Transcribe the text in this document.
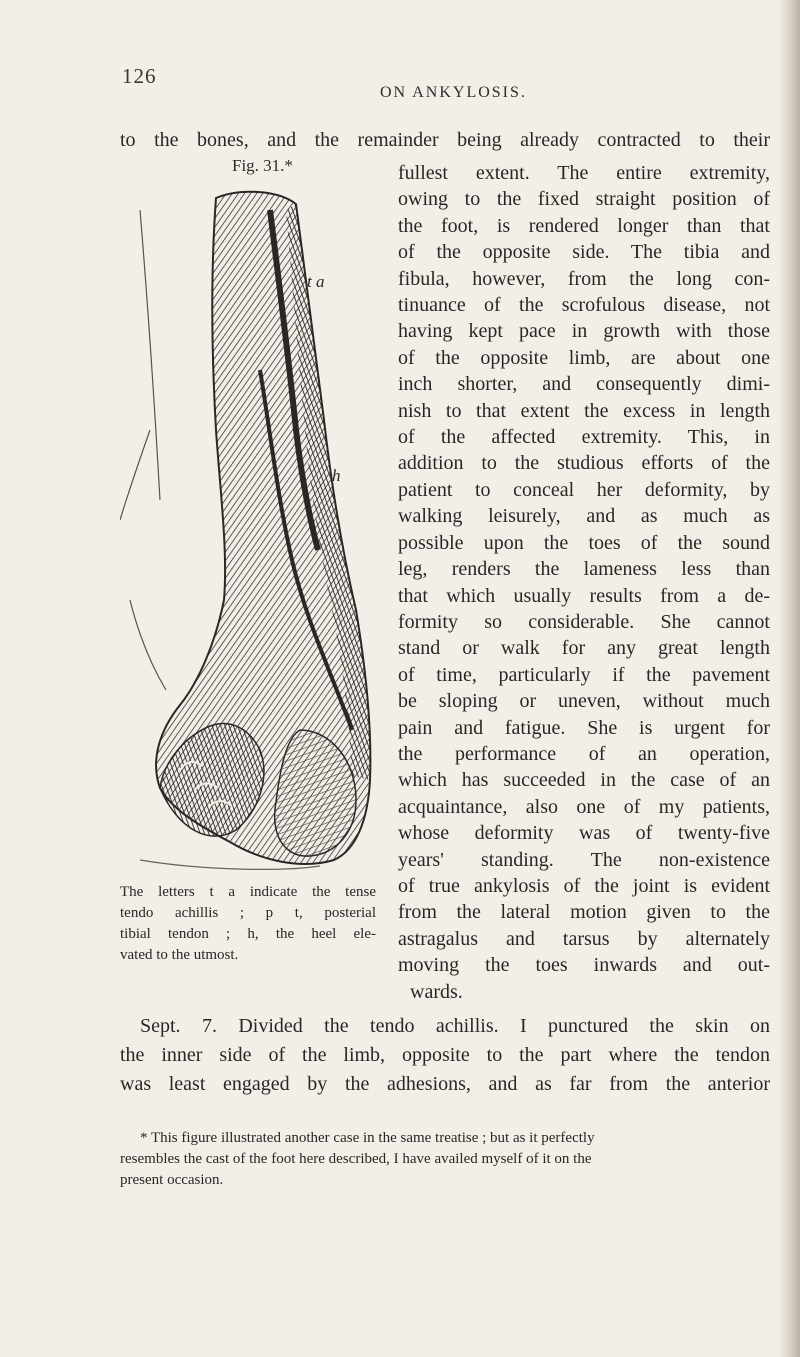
126
ON ANKYLOSIS.
to the bones, and the remainder being already contracted to their
Fig. 31.*
t a
h
The letters t a indicate the tense
tendo achillis ; p t, posterial
tibial tendon ; h, the heel ele-
vated to the utmost.
fullest extent. The entire extremity,
owing to the fixed straight position of
the foot, is rendered longer than that
of the opposite side. The tibia and
fibula, however, from the long con-
tinuance of the scrofulous disease, not
having kept pace in growth with those
of the opposite limb, are about one
inch shorter, and consequently dimi-
nish to that extent the excess in length
of the affected extremity. This, in
addition to the studious efforts of the
patient to conceal her deformity, by
walking leisurely, and as much as
possible upon the toes of the sound
leg, renders the lameness less than
that which usually results from a de-
formity so considerable. She cannot
stand or walk for any great length
of time, particularly if the pavement
be sloping or uneven, without much
pain and fatigue. She is urgent for
the performance of an operation,
which has succeeded in the case of an
acquaintance, also one of my patients,
whose deformity was of twenty-five
years' standing. The non-existence
of true ankylosis of the joint is evident
from the lateral motion given to the
astragalus and tarsus by alternately
moving the toes inwards and out-
wards.
Sept. 7. Divided the tendo achillis. I punctured the skin on
the inner side of the limb, opposite to the part where the tendon
was least engaged by the adhesions, and as far from the anterior
* This figure illustrated another case in the same treatise ; but as it perfectly
resembles the cast of the foot here described, I have availed myself of it on the
present occasion.
